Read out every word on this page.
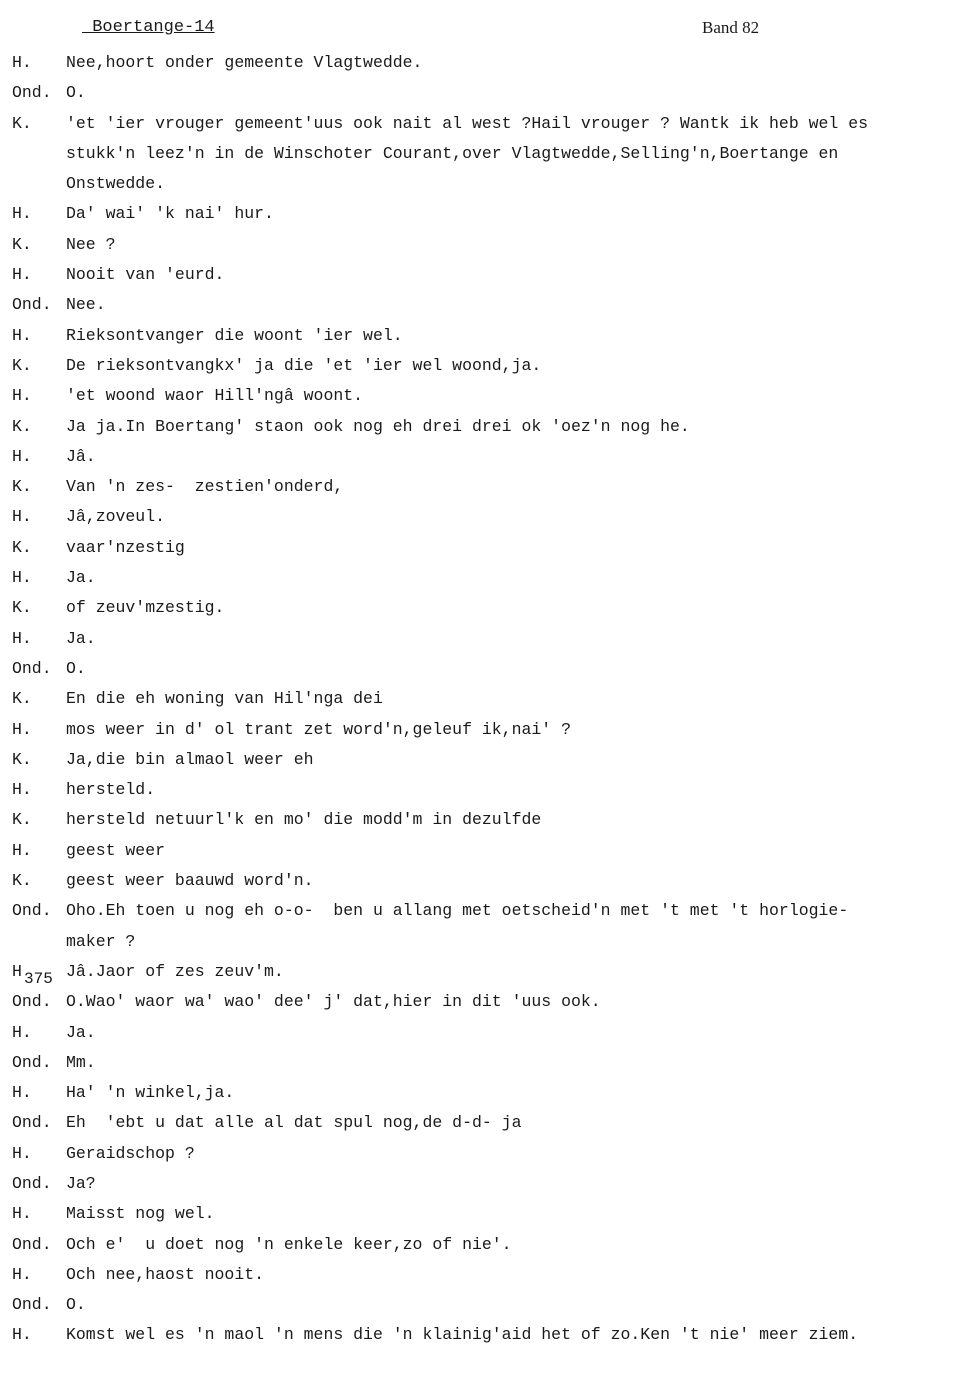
_Boertange-14	Band 82
H.	Nee,hoort onder gemeente Vlagtwedde.
Ond. O.
K.	'et 'ier vrouger gemeent'uus ook nait al west ?Hail vrouger ? Wantk ik heb wel es
stukk'n leez'n in de Winschoter Courant,over Vlagtwedde,Selling'n,Boertange en
Onstwedde.
H.	Da' wai' 'k nai' hur.
K.	Nee ?
H.	Nooit van 'eurd.
Ond. Nee.
H.	Rieksontvanger die woont 'ier wel.
K.	De rieksontvangkx' ja die 'et 'ier wel woond,ja.
H.	'et woond waor Hill'ngâ woont.
K.	Ja ja.In Boertang' staon ook nog eh drei drei ok 'oez'n nog he.
H.	Jâ.
K.	Van 'n zes-  zestien'onderd,
H.	Jâ,zoveul.
K.	vaar'nzestig
H.	Ja.
K.	of zeuv'mzestig.
H.	Ja.
Ond. O.
K.	En die eh woning van Hil'nga dei
H.	mos weer in d' ol trant zet word'n,geleuf ik,nai' ?
K.	Ja,die bin almaol weer eh
H.	hersteld.
K.	hersteld netuurl'k en mo' die modd'm in dezulfde
H.	geest weer
K.	geest weer baauwd word'n.
Ond. Oho.Eh toen u nog eh o-o-  ben u allang met oetscheid'n met 't met 't horlogie-
maker ?
H	Jâ.Jaor of zes zeuv'm.
Ond. O.Wao' waor wa' wao' dee' j' dat,hier in dit 'uus ook.
H.	Ja.
Ond. Mm.
H.	Ha' 'n winkel,ja.
Ond. Eh  'ebt u dat alle al dat spul nog,de d-d- ja
H.	Geraidschop ?
Ond. Ja?
H.	Maisst nog wel.
Ond. Och e'  u doet nog 'n enkele keer,zo of nie'.
H.	Och nee,haost nooit.
Ond. O.
H.	Komst wel es 'n maol 'n mens die 'n klainig'aid het of zo.Ken 't nie' meer ziem.
375
